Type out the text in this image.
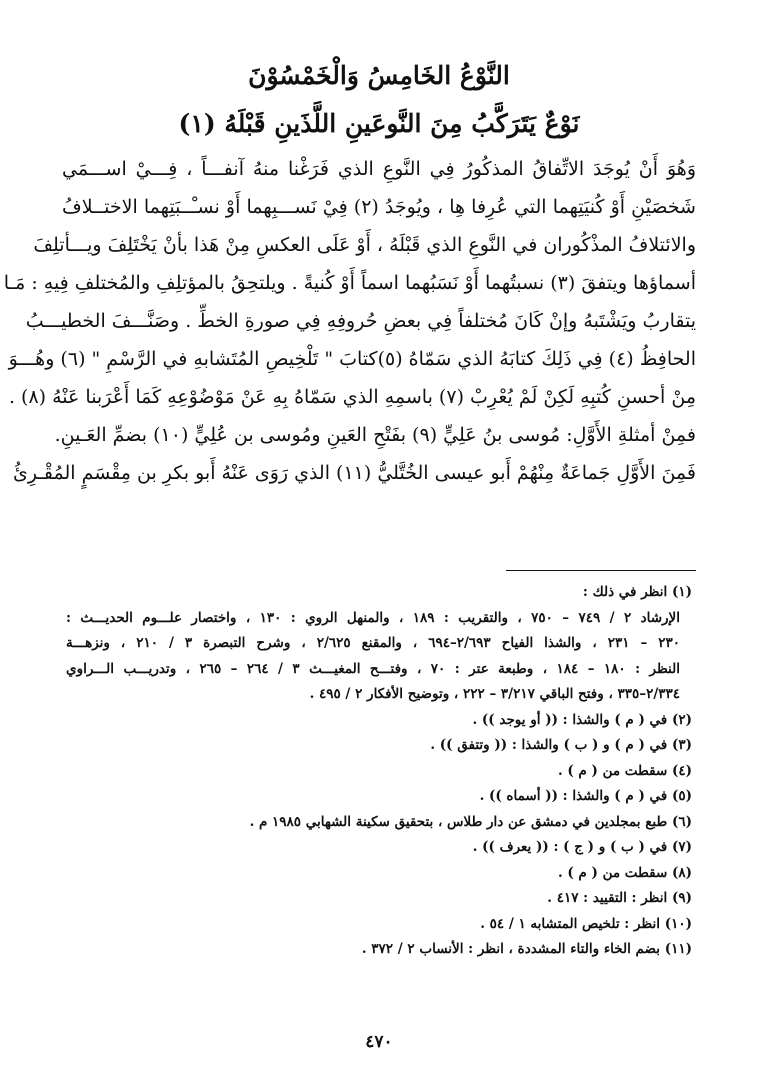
النَّوْعُ الخَامِسُ وَالْخَمْسُوْنَ

نَوْعٌ يَتَرَكَّبُ مِنَ النَّوعَينِ اللَّذَينِ قَبْلَهُ (١)

وَهُوَ أَنْ يُوجَدَ الاتِّفاقُ المذكُورُ فِي النَّوعِ الذي فَرَغْنا منهُ آنفـــاً ، فِـــيْ اســـمَي

شَخصَيْنِ أَوْ كُنيَتِهما التي عُرِفا هِا ، ويُوجَدُ (٢) فِيْ نَســـبِهما أَوْ نسـْــبَتِهما الاختــلافُ

والائتلافُ المذْكُوران في النَّوعِ الذي قَبْلَهُ ، أَوْ عَلَى العكسِ مِنْ هَذا بأنْ يَخْتَلِفَ ويـــأتلِفَ

أسماؤها ويتفقَ (٣) نسبتُهما أَوْ نَسَبُهما اسماً أَوْ كُنيةً . ويلتحِقُ بالمؤتلِفِ والمُختلفِ فِيهِ : مَـا

يتقاربُ ويَشْتَبهُ وإنْ كَانَ مُختلفاً فِي بعضِ حُروفِهِ فِي صورةِ الخطِّ . وصَنَّـــفَ الخطيـــبُ

الحافِظُ (٤) فِي ذَلِكَ كتابَهُ الذي سَمّاهُ (٥)كتابَ " تَلْخِيصِ المُتَشابهِ في الرَّسْمِ " (٦) وهُـــوَ

مِنْ أحسنِ كُتبِهِ لَكِنْ لَمْ يُعْرِبْ (٧) باسمِهِ الذي سَمّاهُ بِهِ عَنْ مَوْضُوْعِهِ كَمَا أَعْرَبنا عَنْهُ (٨) .

فمِنْ أمثلةِ الأَوَّلِ: مُوسى بنُ عَلِيٍّ (٩) بفَتْحِ العَينِ ومُوسى بن عُلِيٍّ (١٠) بضمِّ العَـينِ.

فَمِنَ الأَوَّلِ جَماعَةٌ مِنْهُمْ أَبو عيسى الخُتَّليُّ (١١) الذي رَوَى عَنْهُ أَبو بكرِ بن مِقْسَمٍ المُقْـرِئُ

(١) انظر في ذلك :

الإرشاد ٢ / ٧٤٩ – ٧٥٠ ، والتقريب : ١٨٩ ، والمنهل الروي : ١٣٠ ، واختصار علـــوم الحديـــث :

٢٣٠ – ٢٣١ ، والشذا الفياح ٢/٦٩٣–٦٩٤ ، والمقنع ٢/٦٢٥ ، وشرح التبصرة ٣ / ٢١٠ ، ونزهـــة

النظر : ١٨٠ – ١٨٤ ، وطبعة عتر : ٧٠ ، وفتـــح المغيـــث ٣ / ٢٦٤ – ٢٦٥ ، وتدريـــب الـــراوي

٢/٣٣٤–٣٣٥ ، وفتح الباقي ٣/٢١٧ – ٢٢٢ ، وتوضيح الأفكار ٢ / ٤٩٥ .

(٢) في ( م ) والشذا : (( أو يوجد )) .

(٣) في ( م ) و ( ب ) والشذا : (( وتتفق )) .

(٤) سقطت من ( م ) .

(٥) في ( م ) والشذا : (( أسماه )) .

(٦) طبع بمجلدين في دمشق عن دار طلاس ، بتحقيق سكينة الشهابي ١٩٨٥ م .

(٧) في ( ب ) و ( ج ) : (( يعرف )) .

(٨) سقطت من ( م ) .

(٩) انظر : التقييد : ٤١٧ .

(١٠) انظر : تلخيص المتشابه ١ / ٥٤ .

(١١) بضم الخاء والتاء المشددة ، انظر : الأنساب ٢ / ٣٧٢ .

٤٧٠
